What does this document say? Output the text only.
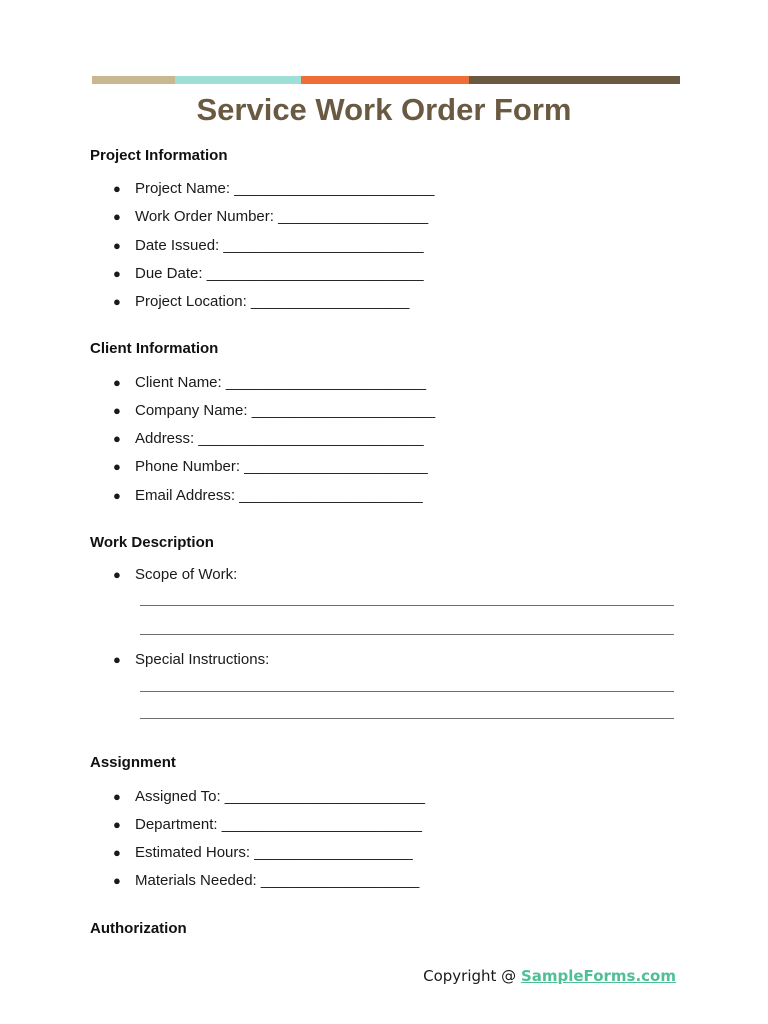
Service Work Order Form
Project Information
● Project Name: ________________________
● Work Order Number: __________________
● Date Issued: ________________________
● Due Date: __________________________
● Project Location: ___________________
Client Information
● Client Name: ________________________
● Company Name: ______________________
● Address: ___________________________
● Phone Number: ______________________
● Email Address: ______________________
Work Description
● Scope of Work:
● Special Instructions:
Assignment
● Assigned To: ________________________
● Department: ________________________
● Estimated Hours: ___________________
● Materials Needed: ___________________
Authorization
Copyright @ SampleForms.com
